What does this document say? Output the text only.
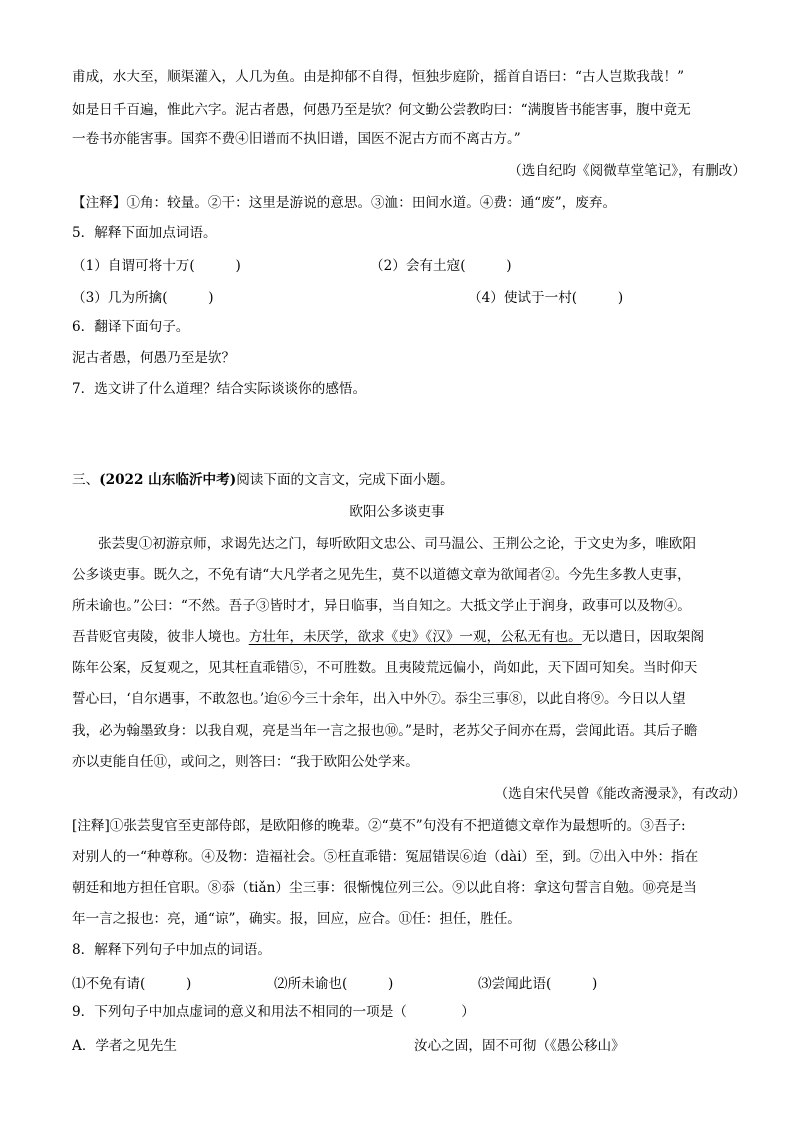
甫成，水大至，顺渠灌入，人几为鱼。由是抑郁不自得，恒独步庭阶，摇首自语曰：“古人岂欺我哉！”
如是日千百遍，惟此六字。泥古者愚，何愚乃至是欤？何文勤公尝教昀曰：“满腹皆书能害事，腹中竟无
一卷书亦能害事。国弈不费④旧谱而不执旧谱，国医不泥古方而不离古方。”
（选自纪昀《阅微草堂笔记》，有删改）
【注释】①角：较量。②干：这里是游说的意思。③洫：田间水道。④费：通“废”，废弃。
5．解释下面加点词语。
（1）自谓可将十万(　　　)	（2）会有土寇(　　　)
（3）几为所擒(　　　)	（4）使试于一村(　　　)
6．翻译下面句子。
泥古者愚，何愚乃至是欤？
7．选文讲了什么道理？结合实际谈谈你的感悟。
三、(2022 山东临沂中考)阅读下面的文言文，完成下面小题。
欧阳公多谈吏事
张芸叟①初游京师，求谒先达之门，每听欧阳文忠公、司马温公、王荆公之论，于文史为多，唯欧阳
公多谈吏事。既久之，不免有请“大凡学者之见先生，莫不以道德文章为欲闻者②。今先生多教人吏事，
所未谕也。”公曰：“不然。吾子③皆时才，异日临事，当自知之。大抵文学止于润身，政事可以及物④。
吾昔贬官夷陵，彼非人境也。方壮年，未厌学，欲求《史》《汉》一观，公私无有也。无以遣日，因取架阁
陈年公案，反复观之，见其枉直乖错⑤，不可胜数。且夷陵荒远偏小，尚如此，天下固可知矣。当时仰天
誓心曰，‘自尔遇事，不敢忽也。’迨⑥今三十余年，出入中外⑦。忝尘三事⑧，以此自将⑨。今日以人望
我，必为翰墨致身：以我自观，亮是当年一言之报也⑩。”是时，老苏父子间亦在焉，尝闻此语。其后子瞻
亦以吏能自任⑪，或问之，则答曰：“我于欧阳公处学来。
（选自宋代吴曾《能改斋漫录》，有改动）
[注释]①张芸叟官至吏部侍郎，是欧阳修的晚辈。②“莫不”句没有不把道德文章作为最想听的。③吾子:
对别人的一“种尊称。④及物：造福社会。⑤枉直乖错：冤屈错误⑥迨（dài）至，到。⑦出入中外：指在
朝廷和地方担任官职。⑧忝（tiǎn）尘三事：很惭愧位列三公。⑨以此自将：拿这句誓言自勉。⑩亮是当
年一言之报也：亮，通“谅”，确实。报，回应，应合。⑪任：担任，胜任。
8．解释下列句子中加点的词语。
⑴不免有请(　　　)	⑵所未谕也(　　　)	⑶尝闻此语(　　　)
9．下列句子中加点虚词的意义和用法不相同的一项是（　　　　）
A．学者之见先生	汝心之固，固不可彻（《愚公移山》
